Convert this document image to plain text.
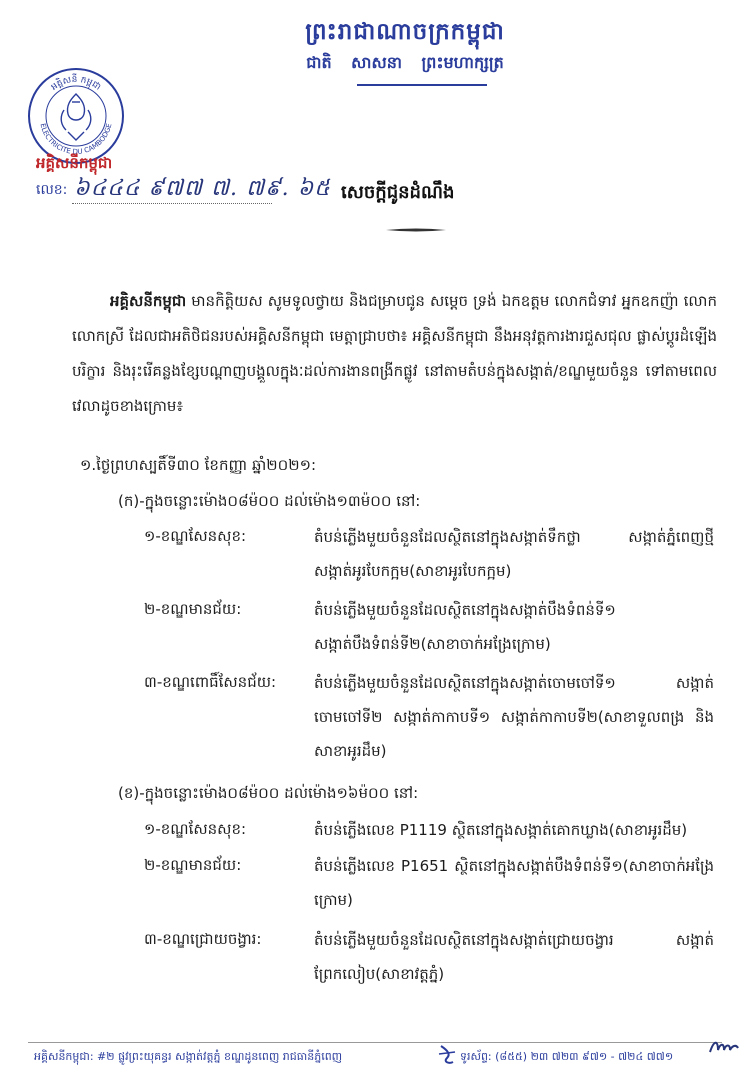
ព្រះរាជាណាចក្រកម្ពុជា
ជាតិ សាសនា ព្រះមហាក្សត្រ
អគ្គិសនី កម្ពុជា
ELECTRICITE DU CAMBODGE
អគ្គិសនីកម្ពុជា
លេខ: ៦៤៤៤ ៩៧៧ ៧. ៧៩. ៦៥ សេចក្ដីជូនដំណឹង
អគ្គិសនីកម្ពុជា មានកិត្តិយស សូមទូលថ្វាយ និងជម្រាបជូន សម្ដេច ទ្រង់ ឯកឧត្តម លោកជំទាវ អ្នកឧកញ៉ា លោក លោកស្រី ដែលជាអតិថិជនរបស់អគ្គិសនីកម្ពុជា មេត្តាជ្រាបថា៖ អគ្គិសនីកម្ពុជា នឹងអនុវត្តការងារជួសជុល ផ្លាស់ប្ដូរដំឡើងបរិក្ខារ និងរុះរើគន្លងខ្សែបណ្ដាញបង្គួលក្នុងៈដល់ការងានពង្រីកផ្លូវ នៅតាមតំបន់ក្នុងសង្កាត់/ខណ្ឌមួយចំនួន ទៅតាមពេលវេលាដូចខាងក្រោម៖
១.ថ្ងៃព្រហស្បតិ៍ទី៣០ ខែកញ្ញា ឆ្នាំ២០២១:
(ក)-ក្នុងចន្លោះម៉ោង០៨ម៉០០ ដល់ម៉ោង១៣ម៉០០ នៅ:
១-ខណ្ឌសែនសុខ:	តំបន់ភ្លើងមួយចំនួនដែលស្ថិតនៅក្នុងសង្កាត់ទឹកថ្លា សង្កាត់ភ្នំពេញថ្មី សង្កាត់អូរបែកក្អម(សាខាអូរបែកក្អម)
២-ខណ្ឌមានជ័យ:	តំបន់ភ្លើងមួយចំនួនដែលស្ថិតនៅក្នុងសង្កាត់បឹងទំពន់ទី១ សង្កាត់បឹងទំពន់ទី២(សាខាចាក់អង្រែក្រោម)
៣-ខណ្ឌពោធិ៍សែនជ័យ:	តំបន់ភ្លើងមួយចំនួនដែលស្ថិតនៅក្នុងសង្កាត់ចោមចៅទី១ សង្កាត់ចោមចៅទី២ សង្កាត់កាកាបទី១ សង្កាត់កាកាបទី២(សាខាទួលពង្រ និងសាខាអូរដឹម)
(ខ)-ក្នុងចន្លោះម៉ោង០៨ម៉០០ ដល់ម៉ោង១៦ម៉០០ នៅ:
១-ខណ្ឌសែនសុខ:	តំបន់ភ្លើងលេខ P1119 ស្ថិតនៅក្នុងសង្កាត់គោកឃ្លាង(សាខាអូរដឹម)
២-ខណ្ឌមានជ័យ:	តំបន់ភ្លើងលេខ P1651 ស្ថិតនៅក្នុងសង្កាត់បឹងទំពន់ទី១(សាខាចាក់អង្រែក្រោម)
៣-ខណ្ឌជ្រោយចង្វារ:	តំបន់ភ្លើងមួយចំនួនដែលស្ថិតនៅក្នុងសង្កាត់ជ្រោយចង្វារ សង្កាត់ព្រែកលៀប(សាខាវត្តភ្នំ)
អគ្គិសនីកម្ពុជា: #២ ផ្លូវព្រះយុគន្ធរ សង្កាត់វត្តភ្នំ ខណ្ឌដូនពេញ រាជធានីភ្នំពេញ	ទូរស័ព្ទ: (៨៥៥) ២៣ ៧២៣ ៩៧១ - ៧២៤ ៧៧១
